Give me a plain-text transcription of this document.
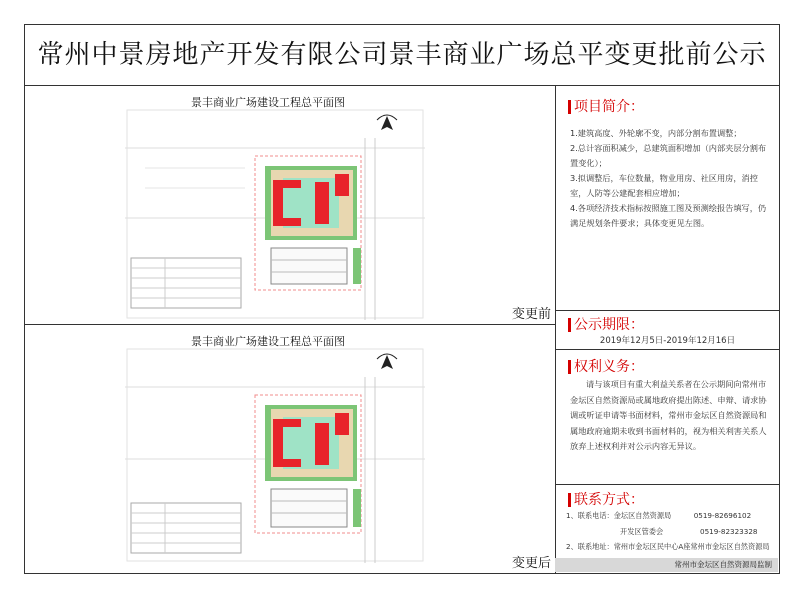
常州中景房地产开发有限公司景丰商业广场总平变更批前公示
景丰商业广场建设工程总平面图
变更前
景丰商业广场建设工程总平面图
变更后
项目简介：

1.建筑高度、外轮廓不变，内部分割布置调整；

2.总计容面积减少，总建筑面积增加（内部夹层分割布置变化）；

3.拟调整后，车位数量，物业用房、社区用房，消控室，人防等公建配套相应增加；

4.各项经济技术指标按照施工图及预测绘报告填写，仍满足规划条件要求；具体变更见左图。

公示期限：
2019年12月5日-2019年12月16日
权利义务：
请与该项目有重大利益关系者在公示期间向常州市金坛区自然资源局或属地政府提出陈述、申辩、请求协调或听证申请等书面材料，常州市金坛区自然资源局和属地政府逾期未收到书面材料的，视为相关利害关系人放弃上述权利并对公示内容无异议。
联系方式：
1、联系电话：金坛区自然资源局	0519-82696102
开发区管委会	0519-82323328
2、联系地址：常州市金坛区民中心A座常州市金坛区自然资源局
常州市金坛区自然资源局监制
